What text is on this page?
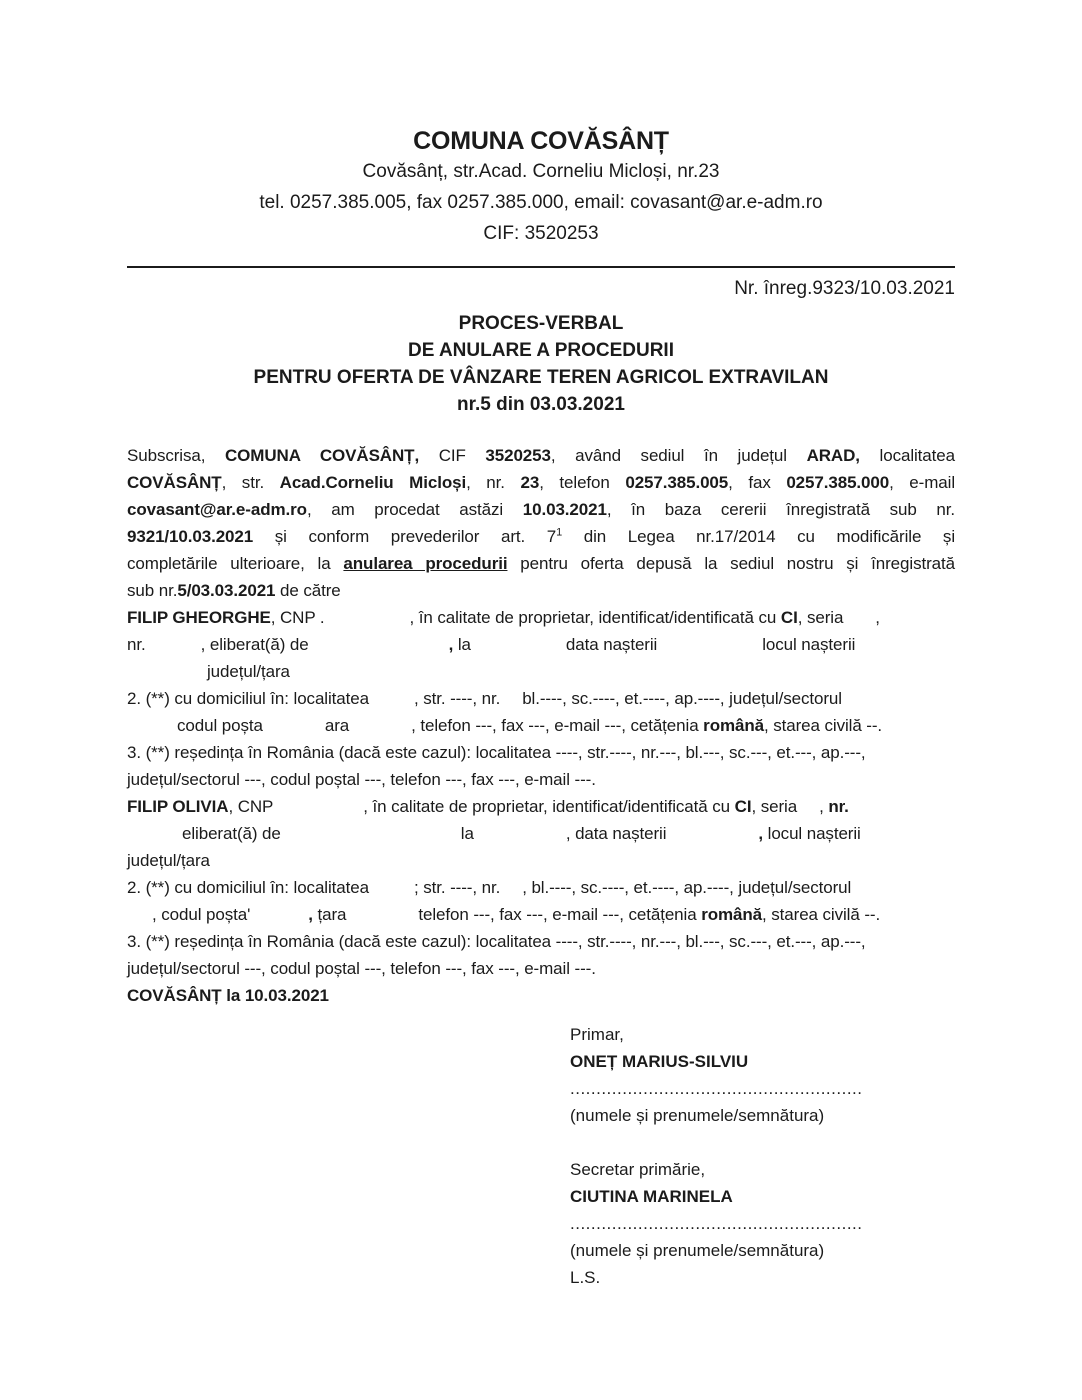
COMUNA COVĂSÂNȚ
Covăsânț, str.Acad. Corneliu Micloși, nr.23
tel. 0257.385.005, fax 0257.385.000, email: covasant@ar.e-adm.ro
CIF: 3520253
Nr. înreg.9323/10.03.2021
PROCES-VERBAL
DE ANULARE A PROCEDURII
PENTRU OFERTA DE VÂNZARE TEREN AGRICOL EXTRAVILAN
nr.5 din 03.03.2021
Subscrisa, COMUNA COVĂSÂNȚ, CIF 3520253, având sediul în județul ARAD, localitatea
COVĂSÂNȚ, str. Acad.Corneliu Micloși, nr. 23, telefon 0257.385.005, fax 0257.385.000, e-mail
covasant@ar.e-adm.ro, am procedat astăzi 10.03.2021, în baza cererii înregistrată sub nr.
9321/10.03.2021 și conform prevederilor art. $7^1$ din Legea nr.17/2014 cu modificările și
completările ulterioare, la anularea procedurii pentru oferta depusă la sediul nostru și înregistrată
sub nr.5/03.03.2021 de către
FILIP GHEORGHE, CNP .	, în calitate de proprietar, identificat/identificată cu CI, seria ,
nr.	, eliberat(ă) de	, la	data nașterii	locul nașterii
județul/țara
2. (**) cu domiciliul în: localitatea	, str. ----, nr. bl.----, sc.----, et.----, ap.----, județul/sectorul
codul poșta	ara	, telefon ---, fax ---, e-mail ---, cetățenia română, starea civilă --.
3. (**) reședința în România (dacă este cazul): localitatea ----, str.----, nr.---, bl.---, sc.---, et.---, ap.---,
județul/sectorul ---, codul poștal ---, telefon ---, fax ---, e-mail ---.
FILIP OLIVIA, CNP	, în calitate de proprietar, identificat/identificată cu CI, seria , nr.
eliberat(ă) de	la	, data nașterii	, locul nașterii
județul/țara
2. (**) cu domiciliul în: localitatea	; str. ----, nr. , bl.----, sc.----, et.----, ap.----, județul/sectorul
, codul poșta'	, țara	telefon ---, fax ---, e-mail ---, cetățenia română, starea civilă --.
3. (**) reședința în România (dacă este cazul): localitatea ----, str.----, nr.---, bl.---, sc.---, et.---, ap.---,
județul/sectorul ---, codul poștal ---, telefon ---, fax ---, e-mail ---.
COVĂSÂNȚ la 10.03.2021
Primar,
ONEȚ MARIUS-SILVIU
........................................................
(numele și prenumele/semnătura)
Secretar primărie,
CIUTINA MARINELA
........................................................
(numele și prenumele/semnătura)
L.S.
